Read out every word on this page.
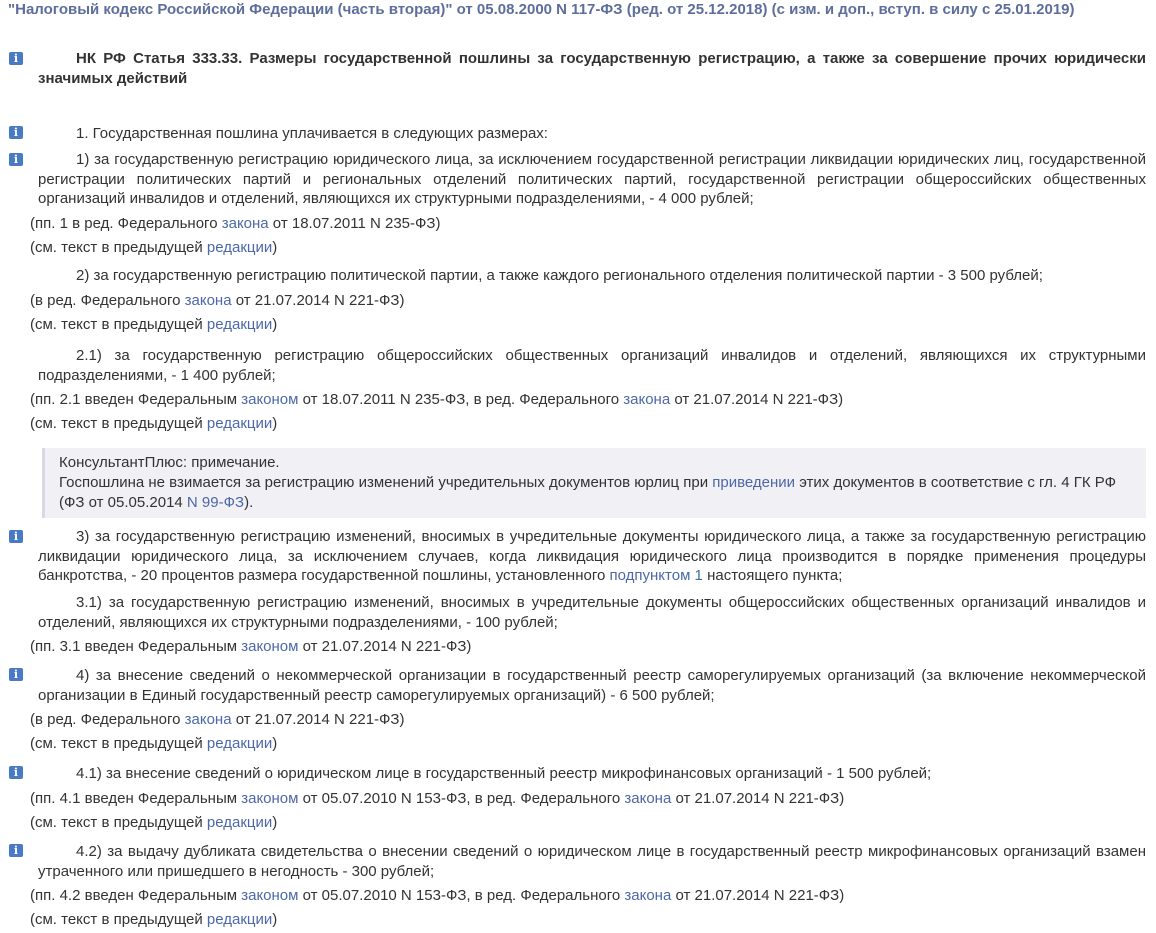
"Налоговый кодекс Российской Федерации (часть вторая)" от 05.08.2000 N 117-ФЗ (ред. от 25.12.2018) (с изм. и доп., вступ. в силу с 25.01.2019)
i	НК РФ Статья 333.33. Размеры государственной пошлины за государственную регистрацию, а также за совершение прочих юридически значимых действий

i	1. Государственная пошлина уплачивается в следующих размерах:

i	1) за государственную регистрацию юридического лица, за исключением государственной регистрации ликвидации юридических лиц, государственной регистрации политических партий и региональных отделений политических партий, государственной регистрации общероссийских общественных организаций инвалидов и отделений, являющихся их структурными подразделениями, - 4 000 рублей;

(пп. 1 в ред. Федерального закона от 18.07.2011 N 235-ФЗ)

(см. текст в предыдущей редакции)

2) за государственную регистрацию политической партии, а также каждого регионального отделения политической партии - 3 500 рублей;

(в ред. Федерального закона от 21.07.2014 N 221-ФЗ)

(см. текст в предыдущей редакции)

2.1) за государственную регистрацию общероссийских общественных организаций инвалидов и отделений, являющихся их структурными подразделениями, - 1 400 рублей;

(пп. 2.1 введен Федеральным законом от 18.07.2011 N 235-ФЗ, в ред. Федерального закона от 21.07.2014 N 221-ФЗ)

(см. текст в предыдущей редакции)

КонсультантПлюс: примечание.

Госпошлина не взимается за регистрацию изменений учредительных документов юрлиц при приведении этих документов в соответствие с гл. 4 ГК РФ (ФЗ от 05.05.2014 N 99-ФЗ).

i	3) за государственную регистрацию изменений, вносимых в учредительные документы юридического лица, а также за государственную регистрацию ликвидации юридического лица, за исключением случаев, когда ликвидация юридического лица производится в порядке применения процедуры банкротства, - 20 процентов размера государственной пошлины, установленного подпунктом 1 настоящего пункта;

3.1) за государственную регистрацию изменений, вносимых в учредительные документы общероссийских общественных организаций инвалидов и отделений, являющихся их структурными подразделениями, - 100 рублей;

(пп. 3.1 введен Федеральным законом от 21.07.2014 N 221-ФЗ)

i	4) за внесение сведений о некоммерческой организации в государственный реестр саморегулируемых организаций (за включение некоммерческой организации в Единый государственный реестр саморегулируемых организаций) - 6 500 рублей;

(в ред. Федерального закона от 21.07.2014 N 221-ФЗ)

(см. текст в предыдущей редакции)

i	4.1) за внесение сведений о юридическом лице в государственный реестр микрофинансовых организаций - 1 500 рублей;

(пп. 4.1 введен Федеральным законом от 05.07.2010 N 153-ФЗ, в ред. Федерального закона от 21.07.2014 N 221-ФЗ)

(см. текст в предыдущей редакции)

i	4.2) за выдачу дубликата свидетельства о внесении сведений о юридическом лице в государственный реестр микрофинансовых организаций взамен утраченного или пришедшего в негодность - 300 рублей;

(пп. 4.2 введен Федеральным законом от 05.07.2010 N 153-ФЗ, в ред. Федерального закона от 21.07.2014 N 221-ФЗ)

(см. текст в предыдущей редакции)
